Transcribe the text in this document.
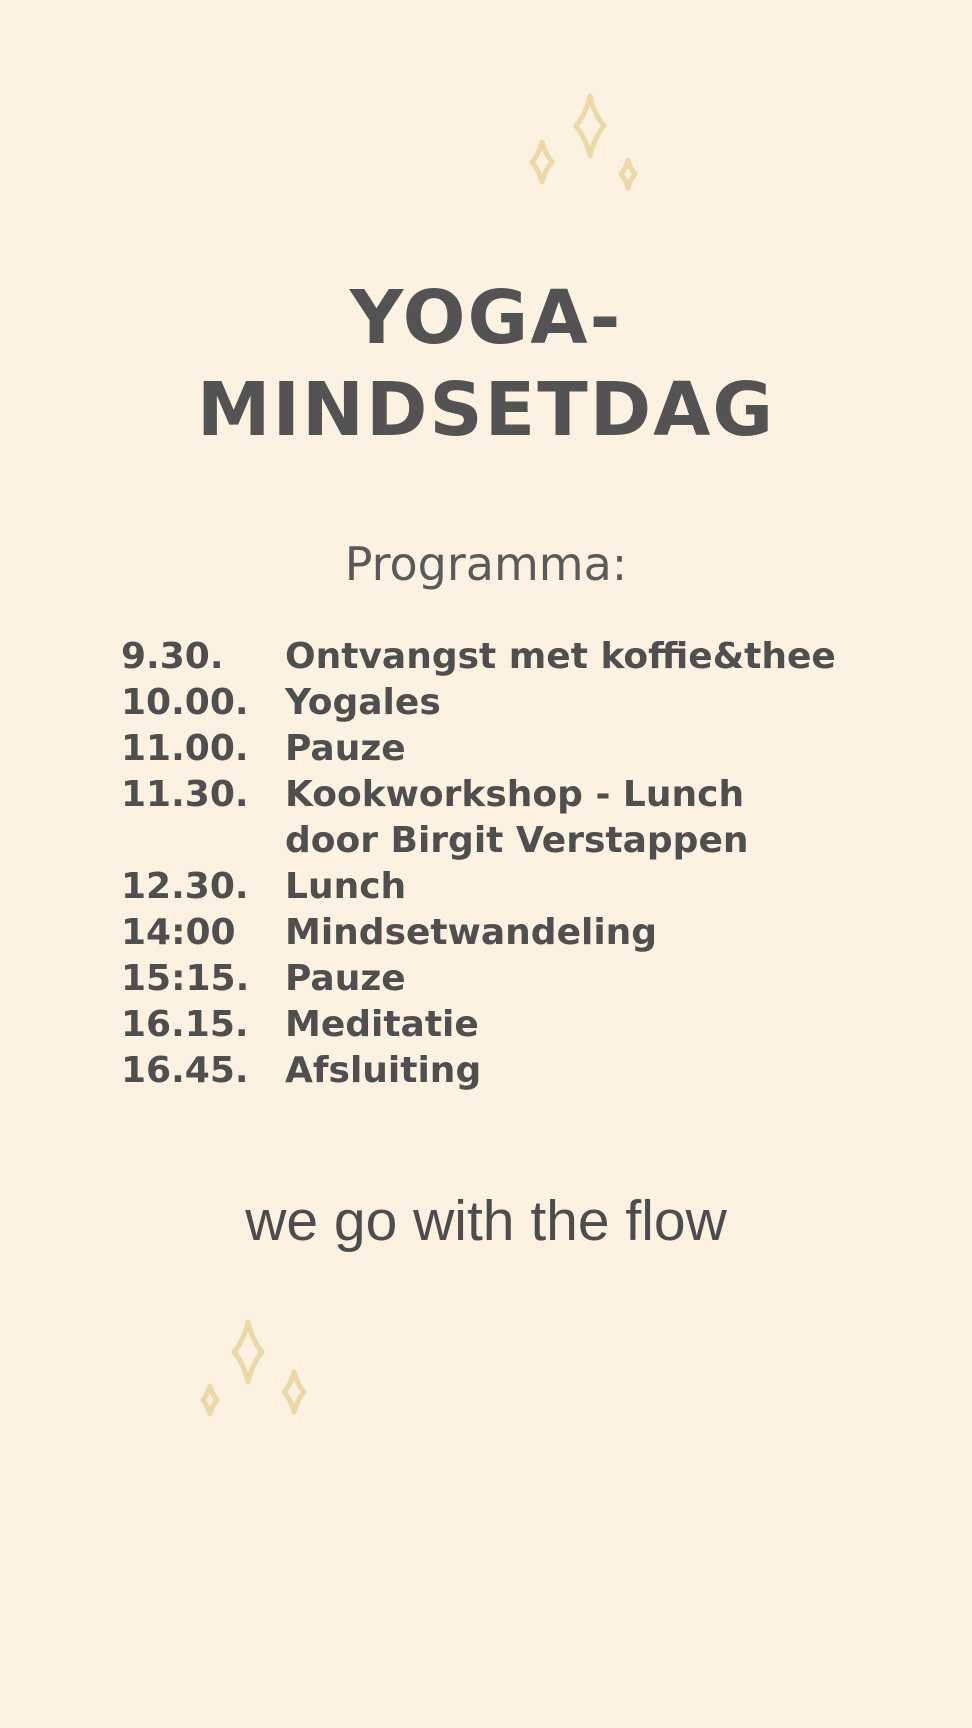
YOGA-
MINDSETDAG

Programma:

9.30.	Ontvangst met koffie&thee
10.00.	Yogales
11.00.	Pauze
11.30.	Kookworkshop - Lunch
door Birgit Verstappen
12.30.	Lunch
14:00	Mindsetwandeling
15:15. Pauze
16.15.	Meditatie
16.45.	Afsluiting

we go with the flow
